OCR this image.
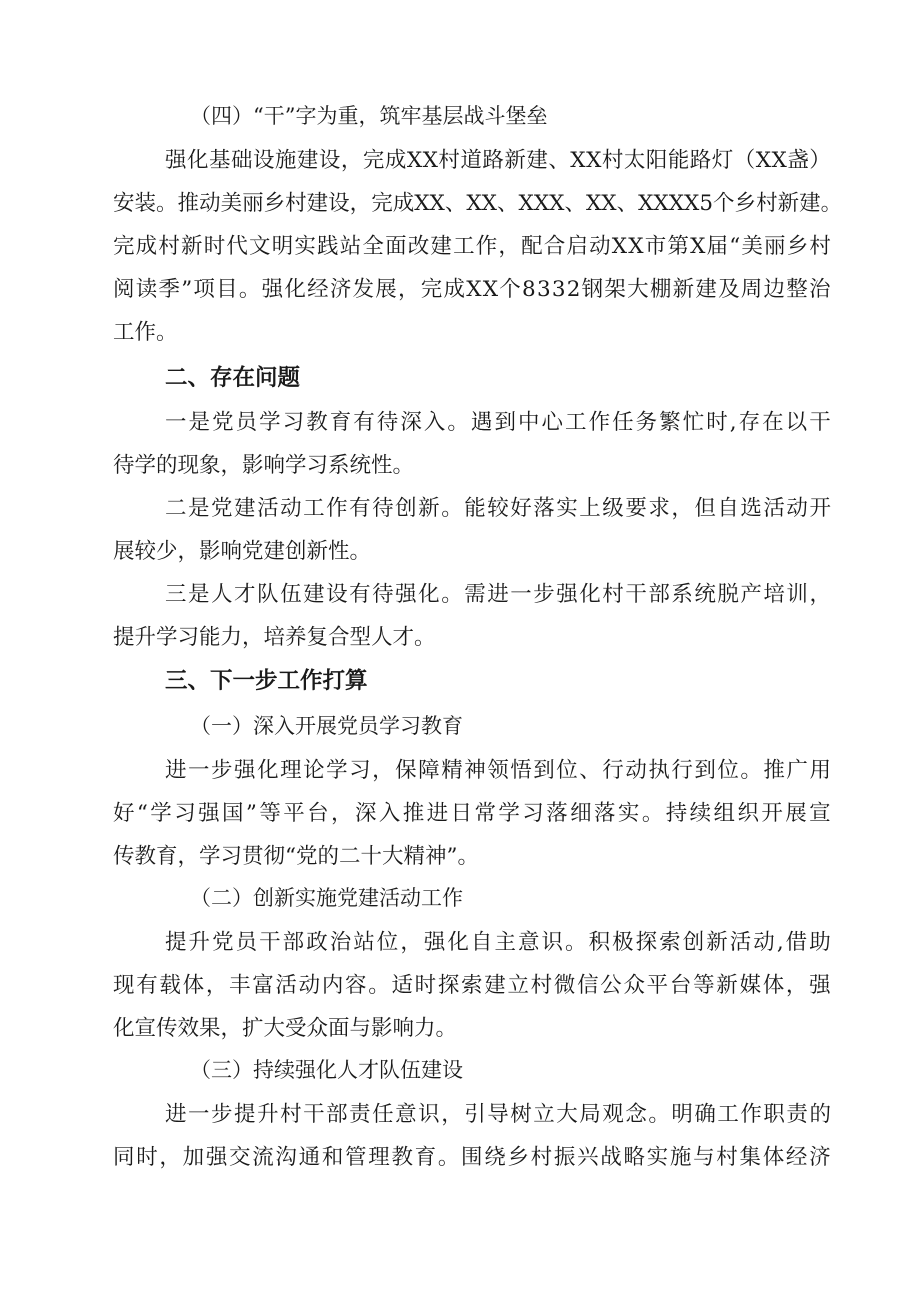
（四）“干”字为重，筑牢基层战斗堡垒
强 化 基 础 设 施 建 设 ， 完 成 X X 村 道 路 新 建 、 X X 村 太 阳 能 路 灯 （ X X 盏 ）
安 装 。 推 动 美 丽 乡 村 建 设 ， 完 成 X X 、 X X 、 X X X 、 X X 、 X X X X 5 个 乡 村 新 建 。
完 成 村 新 时 代 文 明 实 践 站 全 面 改 建 工 作 ， 配 合 启 动 X X 市 第 X 届 “ 美 丽 乡 村
阅 读 季 ” 项 目 。 强 化 经 济 发 展 ， 完 成 X X 个 8 3 3 2 钢 架 大 棚 新 建 及 周 边 整 治
工作。
二、存在问题
一 是 党 员 学 习 教 育 有 待 深 入 。 遇 到 中 心 工 作 任 务 繁 忙 时 , 存 在 以 干
待学的现象，影响学习系统性。
二 是 党 建 活 动 工 作 有 待 创 新 。 能 较 好 落 实 上 级 要 求 ， 但 自 选 活 动 开
展较少，影响党建创新性。
三 是 人 才 队 伍 建 设 有 待 强 化 。 需 进 一 步 强 化 村 干 部 系 统 脱 产 培 训 ，
提升学习能力，培养复合型人才。
三、下一步工作打算
（一）深入开展党员学习教育
进 一 步 强 化 理 论 学 习 ， 保 障 精 神 领 悟 到 位 、 行 动 执 行 到 位 。 推 广 用
好 “ 学 习 强 国 ” 等 平 台 ， 深 入 推 进 日 常 学 习 落 细 落 实 。 持 续 组 织 开 展 宣
传教育，学习贯彻“党的二十大精神”。
（二）创新实施党建活动工作
提 升 党 员 干 部 政 治 站 位 ， 强 化 自 主 意 识 。 积 极 探 索 创 新 活 动 , 借 助
现 有 载 体 ， 丰 富 活 动 内 容 。 适 时 探 索 建 立 村 微 信 公 众 平 台 等 新 媒 体 ， 强
化宣传效果，扩大受众面与影响力。
（三）持续强化人才队伍建设
进 一 步 提 升 村 干 部 责 任 意 识 ， 引 导 树 立 大 局 观 念 。 明 确 工 作 职 责 的
同 时 ， 加 强 交 流 沟 通 和 管 理 教 育 。 围 绕 乡 村 振 兴 战 略 实 施 与 村 集 体 经 济
